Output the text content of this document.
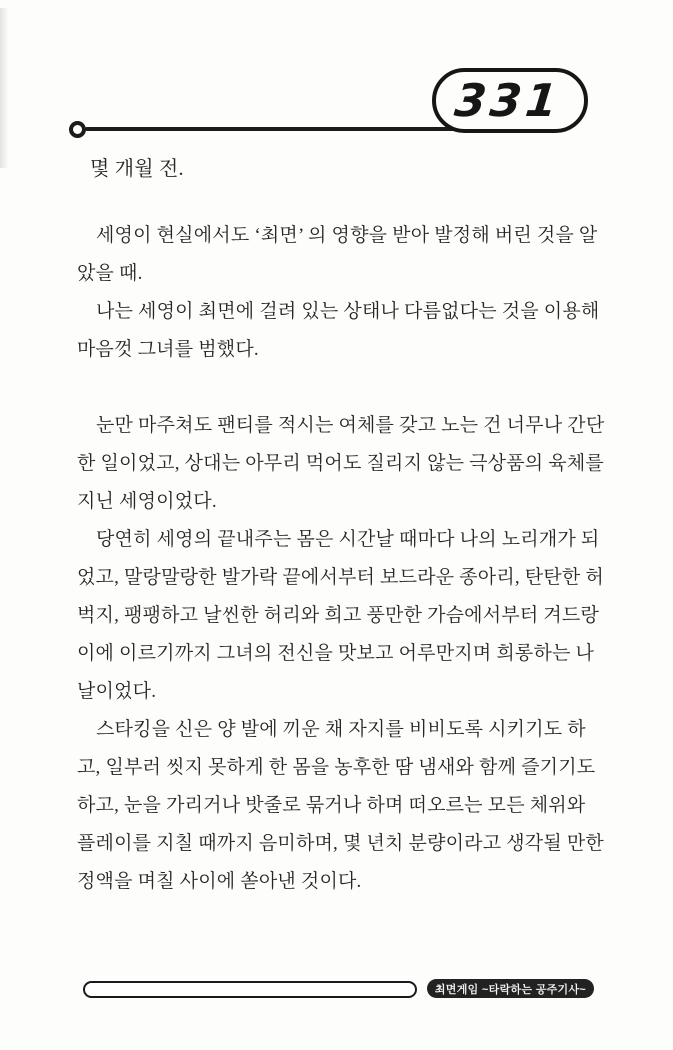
331
몇 개월 전.

세영이 현실에서도 ‘최면’ 의 영향을 받아 발정해 버린 것을 알았을 때.

나는 세영이 최면에 걸려 있는 상태나 다름없다는 것을 이용해 마음껏 그녀를 범했다.

눈만 마주쳐도 팬티를 적시는 여체를 갖고 노는 건 너무나 간단한 일이었고, 상대는 아무리 먹어도 질리지 않는 극상품의 육체를 지닌 세영이었다.

당연히 세영의 끝내주는 몸은 시간날 때마다 나의 노리개가 되었고, 말랑말랑한 발가락 끝에서부터 보드라운 종아리, 탄탄한 허벅지, 팽팽하고 날씬한 허리와 희고 풍만한 가슴에서부터 겨드랑이에 이르기까지 그녀의 전신을 맛보고 어루만지며 희롱하는 나날이었다.

스타킹을 신은 양 발에 끼운 채 자지를 비비도록 시키기도 하고, 일부러 씻지 못하게 한 몸을 농후한 땀 냄새와 함께 즐기기도 하고, 눈을 가리거나 밧줄로 묶거나 하며 떠오르는 모든 체위와 플레이를 지칠 때까지 음미하며, 몇 년치 분량이라고 생각될 만한 정액을 며칠 사이에 쏟아낸 것이다.

최면게임 ~타락하는 공주기사~
